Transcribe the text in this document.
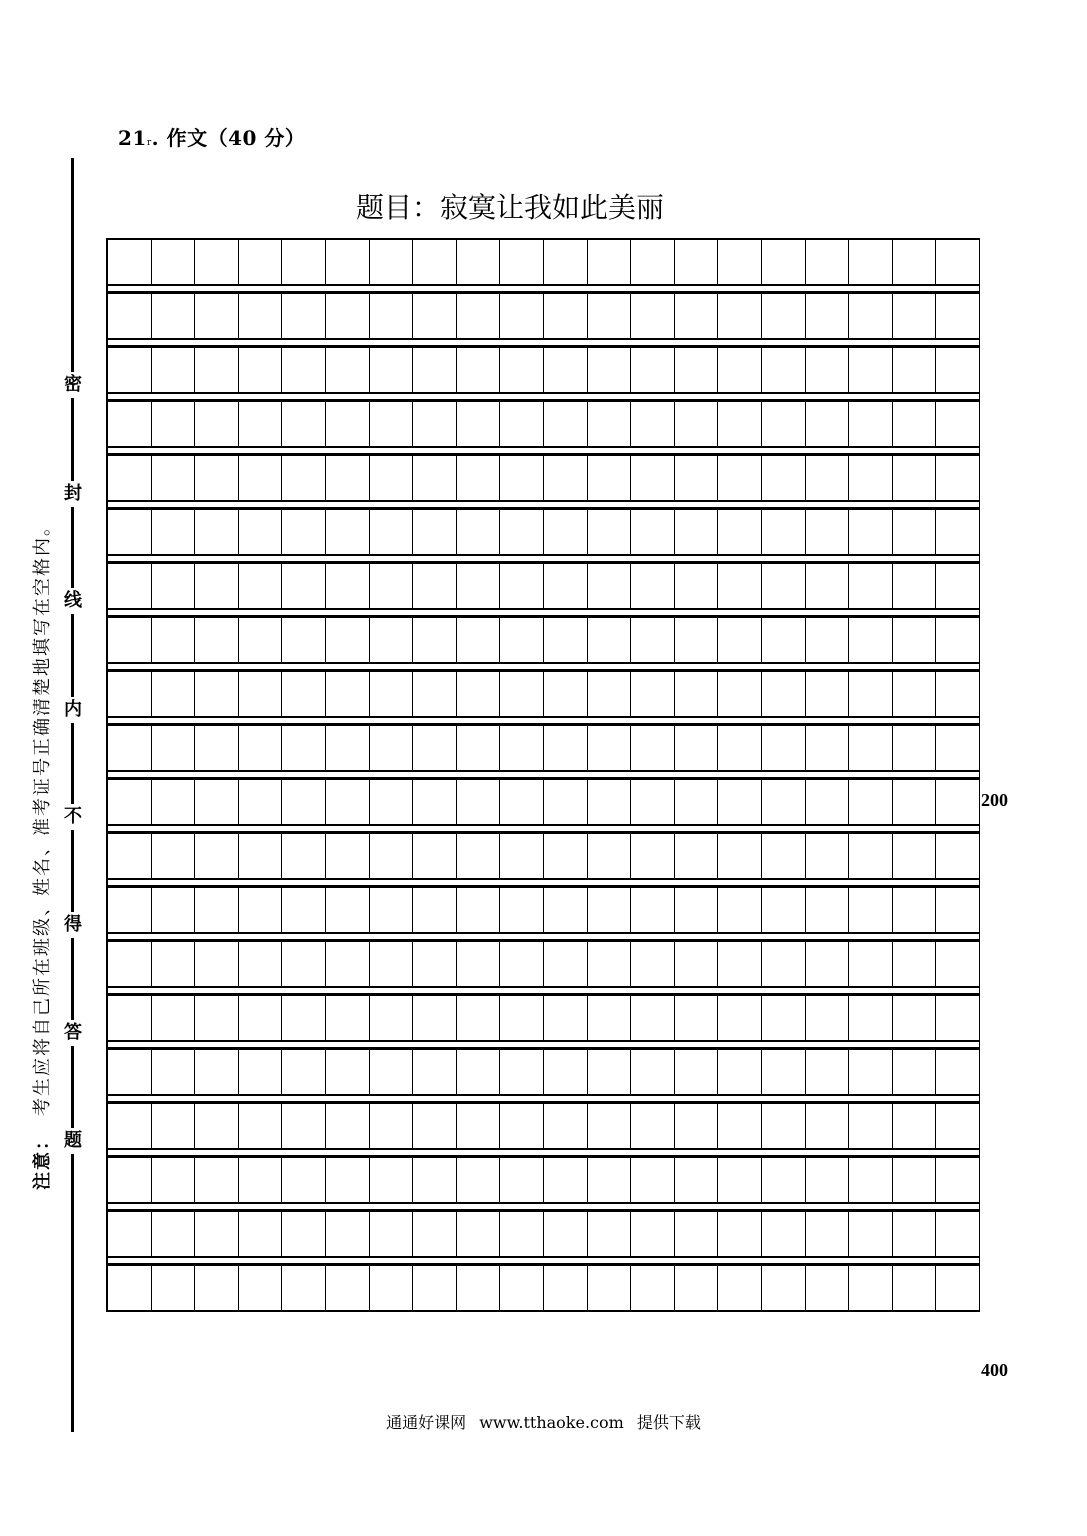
21r. 作文（40 分）
题目：寂寞让我如此美丽
密
封
线
内
不
得
答
题
注意：考生应将自己所在班级、姓名、准考证号正确清楚地填写在空格内。	200
400
通通好课网 www.tthaoke.com 提供下载
